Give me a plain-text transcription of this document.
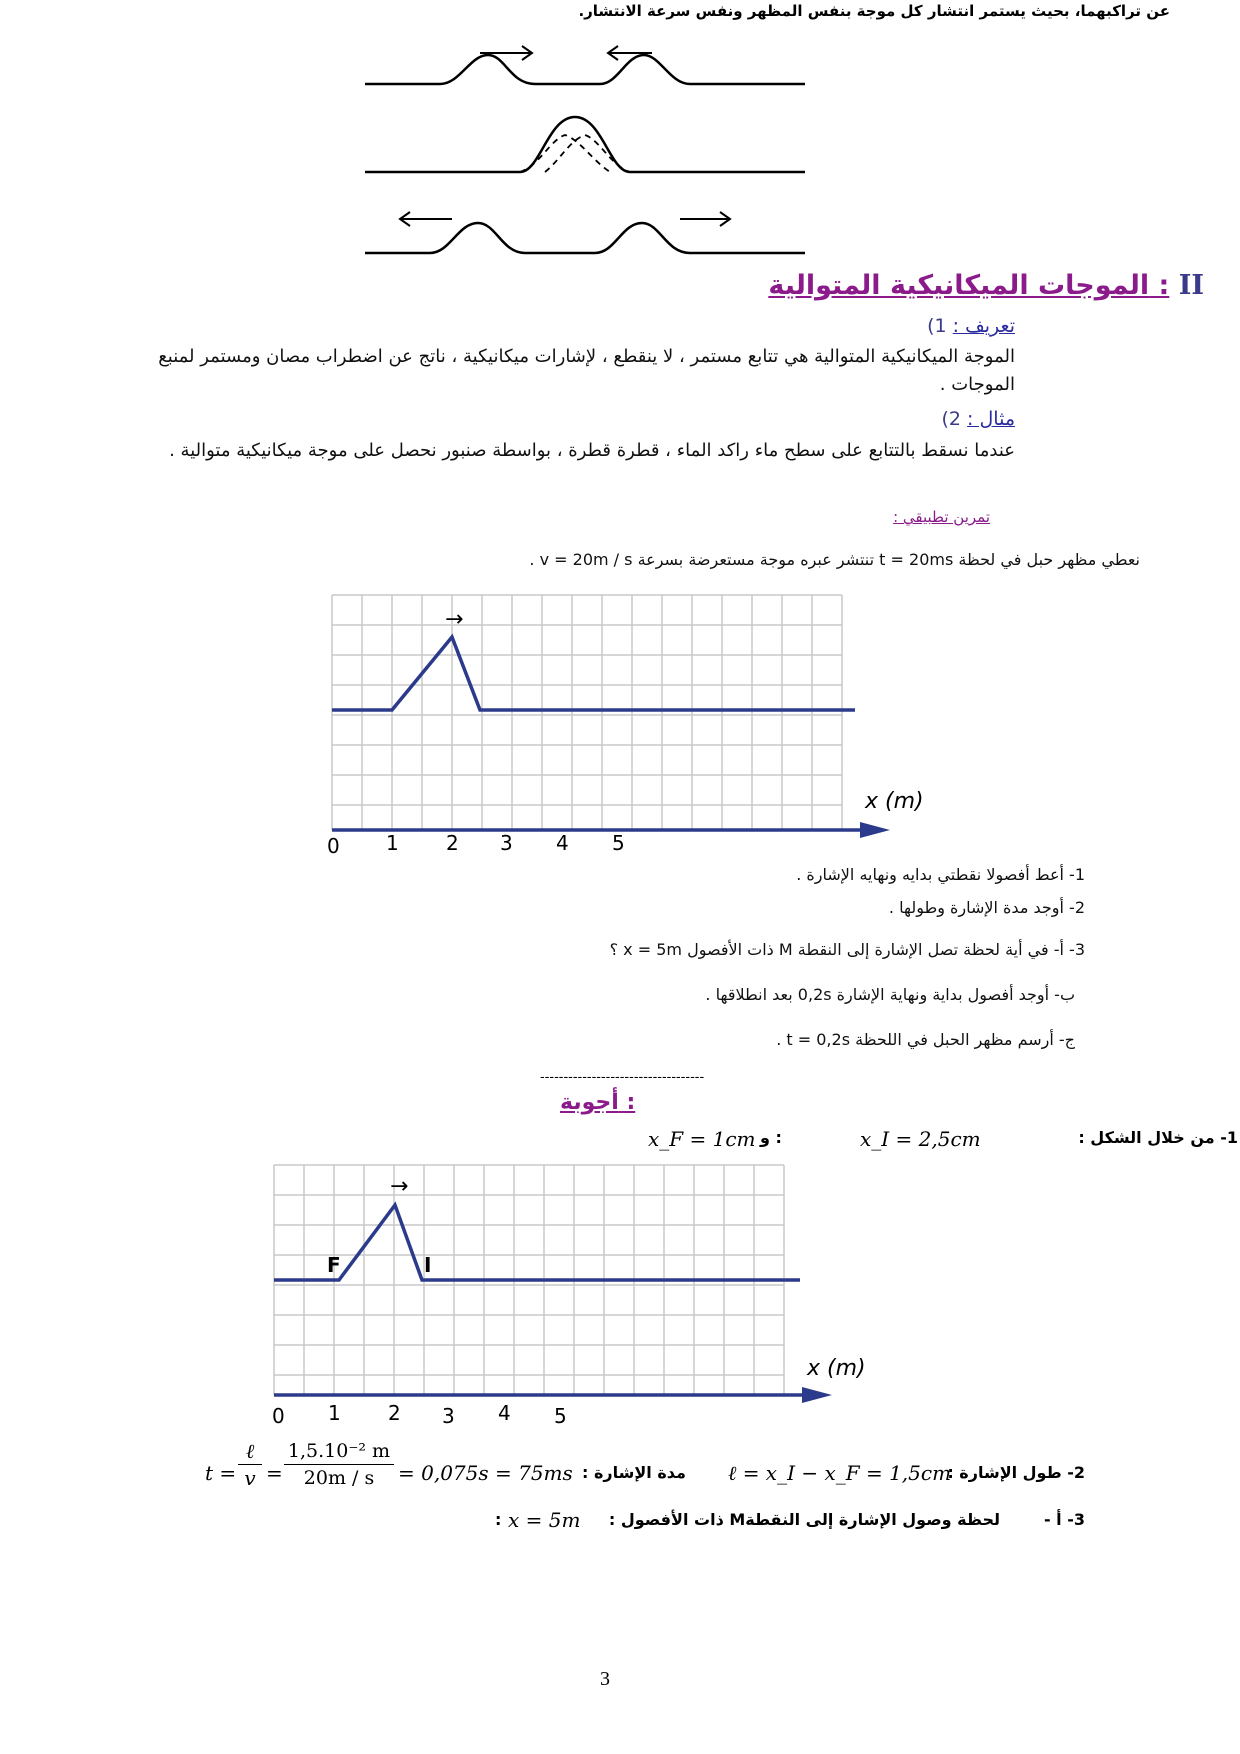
عن تراكبهما، بحيث يستمر انتشار كل موجة بنفس المظهر ونفس سرعة الانتشار.
الموجات الميكانيكية المتوالية : II
تعريف : 1)
الموجة الميكانيكية المتوالية هي تتابع مستمر ، لا ينقطع ، لإشارات ميكانيكية ، ناتج عن اضطراب مصان ومستمر لمنبع الموجات .
مثال : 2)
عندما نسقط بالتتابع على سطح ماء راكد الماء ، قطرة قطرة ، بواسطة صنبور نحصل على موجة ميكانيكية متوالية .
تمرين تطبيقي :
نعطي مظهر حبل في لحظة t = 20ms تنتشر عبره موجة مستعرضة بسرعة v = 20m / s .
→
x (m)
0 1 2 3 4 5
1- أعط أفصولا نقطتي بدايه ونهايه الإشارة .
2- أوجد مدة الإشارة وطولها .
3- أ- في أية لحظة تصل الإشارة إلى النقطة M ذات الأفصول x = 5m ؟
ب- أوجد أفصول بداية ونهاية الإشارة 0,2s بعد انطلاقها .
ج- أرسم مظهر الحبل في اللحظة t = 0,2s .
-----------------------------------
أجوبة :
1- من خلال الشكل :
x_I = 2,5cm
و :
x_F = 1cm
→
F	I
x (m)
0 1 2 3 4 5
2- طول الإشارة :
ℓ = x_I − x_F = 1,5cm
مدة الإشارة :
t =
ℓ
$v = \frac{\text{1,5.10⁻² m}}{20m / s} = 0,075s = 75ms$
3- أ -
لحظة وصول الإشارة إلى النقطةM ذات الأفصول :
x = 5m
:
3
